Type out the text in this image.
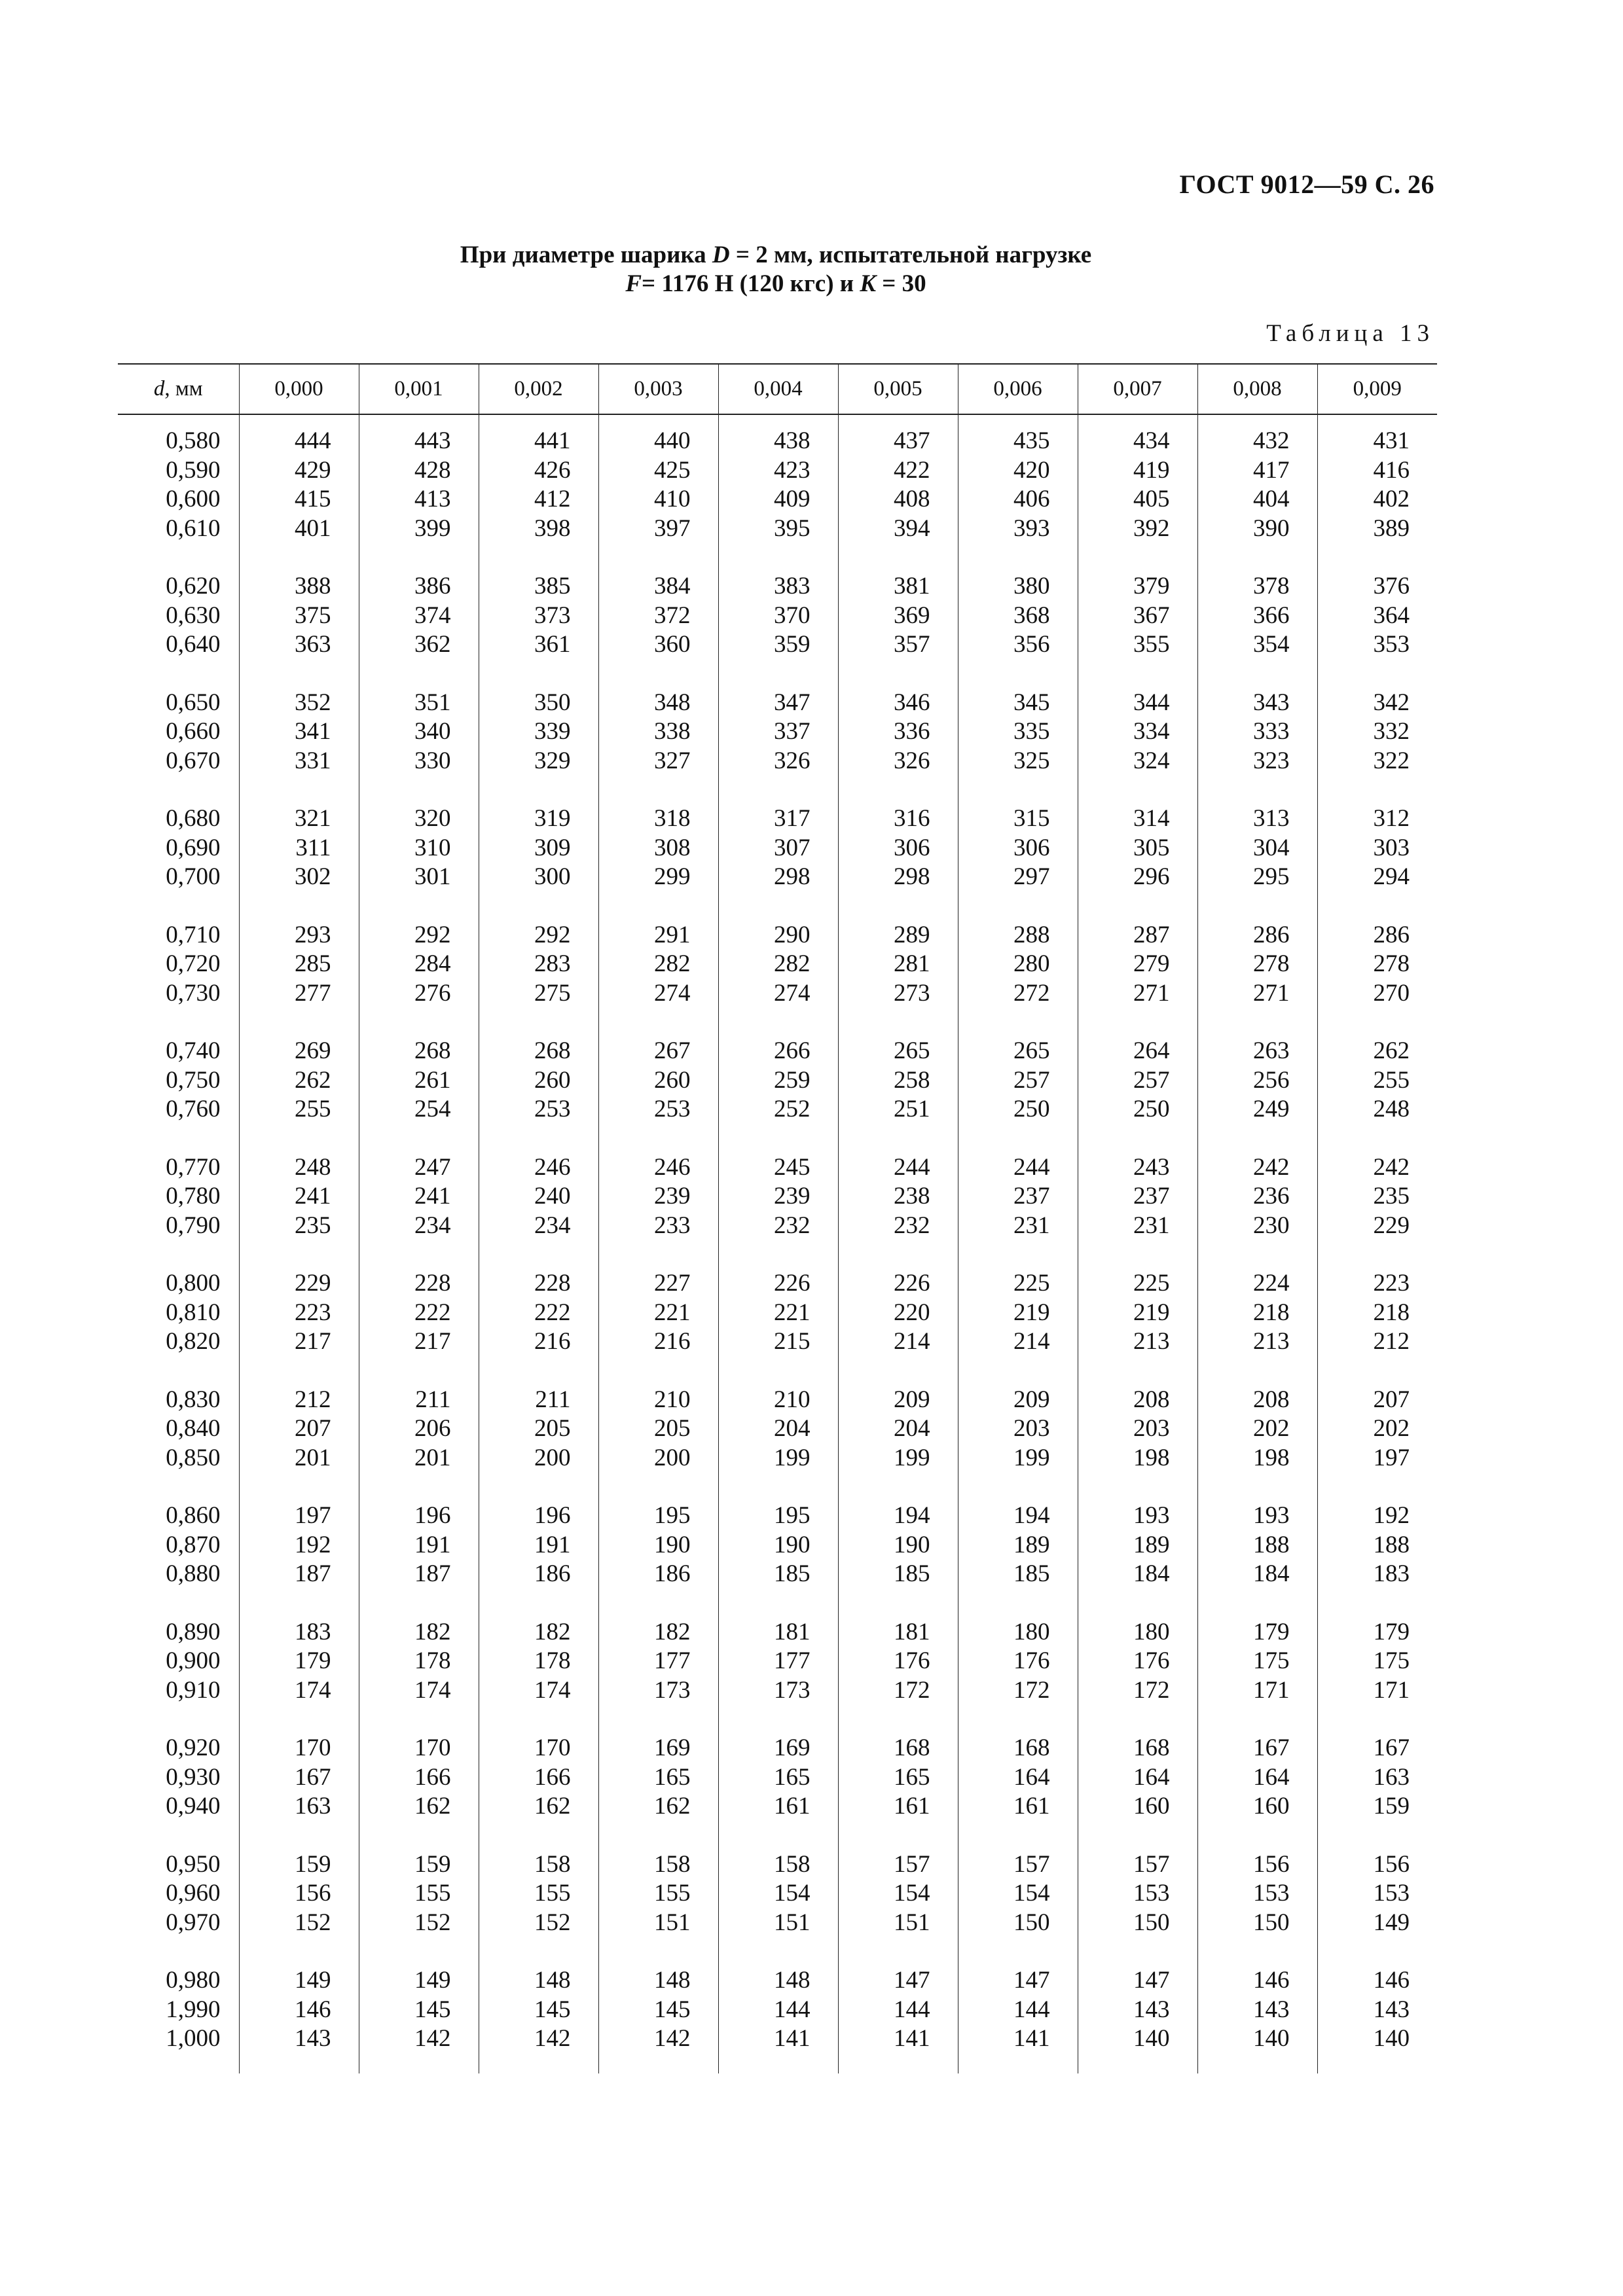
ГОСТ 9012—59 С. 26
При диаметре шарика D = 2 мм, испытательной нагрузке
F= 1176 Н (120 кгс) и K = 30
Таблица 13
d, мм	0,000	0,001	0,002	0,003	0,004	0,005	0,006	0,007	0,008	0,009
0,580	444	443	441	440	438	437	435	434	432	431
0,590	429	428	426	425	423	422	420	419	417	416
0,600	415	413	412	410	409	408	406	405	404	402
0,610	401	399	398	397	395	394	393	392	390	389

0,620	388	386	385	384	383	381	380	379	378	376
0,630	375	374	373	372	370	369	368	367	366	364
0,640	363	362	361	360	359	357	356	355	354	353

0,650	352	351	350	348	347	346	345	344	343	342
0,660	341	340	339	338	337	336	335	334	333	332
0,670	331	330	329	327	326	326	325	324	323	322

0,680	321	320	319	318	317	316	315	314	313	312
0,690	311	310	309	308	307	306	306	305	304	303
0,700	302	301	300	299	298	298	297	296	295	294

0,710	293	292	292	291	290	289	288	287	286	286
0,720	285	284	283	282	282	281	280	279	278	278
0,730	277	276	275	274	274	273	272	271	271	270

0,740	269	268	268	267	266	265	265	264	263	262
0,750	262	261	260	260	259	258	257	257	256	255
0,760	255	254	253	253	252	251	250	250	249	248

0,770	248	247	246	246	245	244	244	243	242	242
0,780	241	241	240	239	239	238	237	237	236	235
0,790	235	234	234	233	232	232	231	231	230	229

0,800	229	228	228	227	226	226	225	225	224	223
0,810	223	222	222	221	221	220	219	219	218	218
0,820	217	217	216	216	215	214	214	213	213	212

0,830	212	211	211	210	210	209	209	208	208	207
0,840	207	206	205	205	204	204	203	203	202	202
0,850	201	201	200	200	199	199	199	198	198	197

0,860	197	196	196	195	195	194	194	193	193	192
0,870	192	191	191	190	190	190	189	189	188	188
0,880	187	187	186	186	185	185	185	184	184	183

0,890	183	182	182	182	181	181	180	180	179	179
0,900	179	178	178	177	177	176	176	176	175	175
0,910	174	174	174	173	173	172	172	172	171	171

0,920	170	170	170	169	169	168	168	168	167	167
0,930	167	166	166	165	165	165	164	164	164	163
0,940	163	162	162	162	161	161	161	160	160	159

0,950	159	159	158	158	158	157	157	157	156	156
0,960	156	155	155	155	154	154	154	153	153	153
0,970	152	152	152	151	151	151	150	150	150	149

0,980	149	149	148	148	148	147	147	147	146	146
1,990	146	145	145	145	144	144	144	143	143	143
1,000	143	142	142	142	141	141	141	140	140	140
